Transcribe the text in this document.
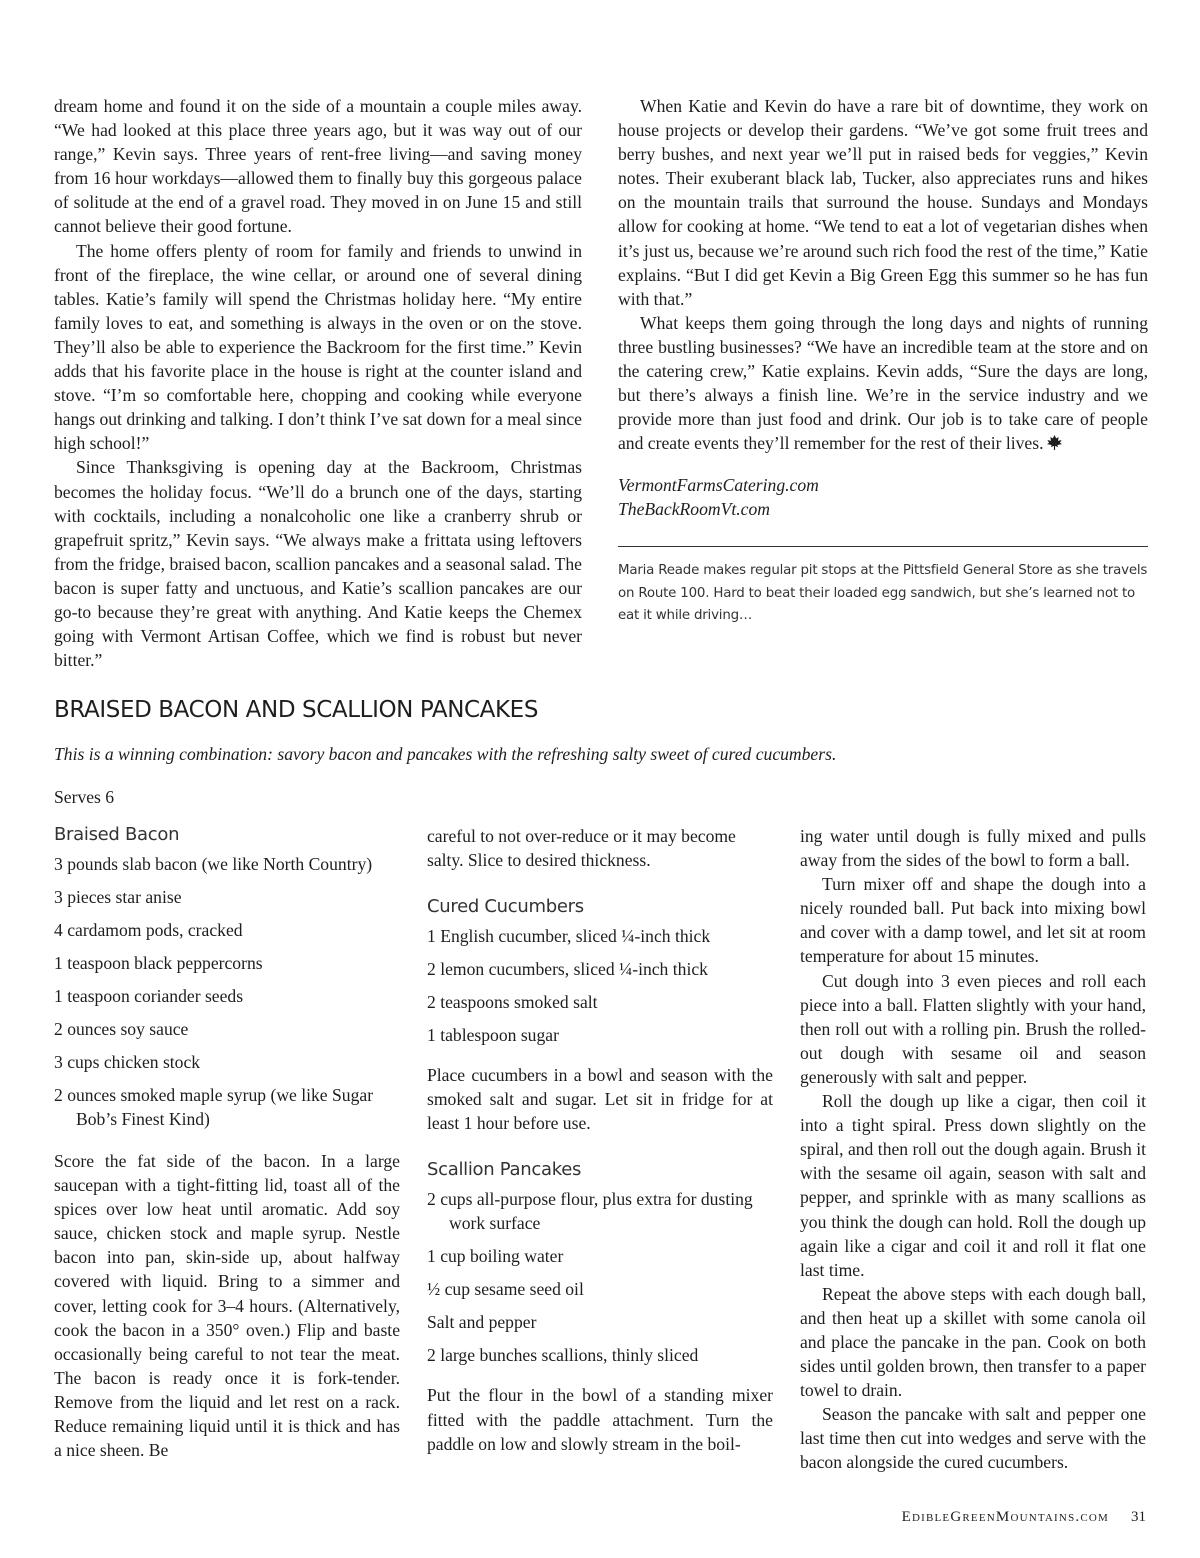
dream home and found it on the side of a mountain a couple miles away. “We had looked at this place three years ago, but it was way out of our range,” Kevin says. Three years of rent-free living—and saving money from 16 hour workdays—allowed them to finally buy this gorgeous palace of solitude at the end of a gravel road. They moved in on June 15 and still cannot believe their good fortune.

The home offers plenty of room for family and friends to unwind in front of the fireplace, the wine cellar, or around one of several dining tables. Katie’s family will spend the Christmas holiday here. “My entire family loves to eat, and something is always in the oven or on the stove. They’ll also be able to experience the Backroom for the first time.” Kevin adds that his favorite place in the house is right at the counter island and stove. “I’m so comfortable here, chopping and cooking while everyone hangs out drinking and talking. I don’t think I’ve sat down for a meal since high school!”

Since Thanksgiving is opening day at the Backroom, Christmas becomes the holiday focus. “We’ll do a brunch one of the days, starting with cocktails, including a nonalcoholic one like a cranberry shrub or grapefruit spritz,” Kevin says. “We always make a frittata using leftovers from the fridge, braised bacon, scallion pancakes and a seasonal salad. The bacon is super fatty and unctuous, and Katie’s scallion pancakes are our go-to because they’re great with anything. And Katie keeps the Chemex going with Vermont Artisan Coffee, which we find is robust but never bitter.”

When Katie and Kevin do have a rare bit of downtime, they work on house projects or develop their gardens. “We’ve got some fruit trees and berry bushes, and next year we’ll put in raised beds for veggies,” Kevin notes. Their exuberant black lab, Tucker, also appreciates runs and hikes on the mountain trails that surround the house. Sundays and Mondays allow for cooking at home. “We tend to eat a lot of vegetarian dishes when it’s just us, because we’re around such rich food the rest of the time,” Katie explains. “But I did get Kevin a Big Green Egg this summer so he has fun with that.”

What keeps them going through the long days and nights of running three bustling businesses? “We have an incredible team at the store and on the catering crew,” Katie explains. Kevin adds, “Sure the days are long, but there’s always a finish line. We’re in the service industry and we provide more than just food and drink. Our job is to take care of people and create events they’ll remember for the rest of their lives.

VermontFarmsCatering.com
TheBackRoomVt.com
Maria Reade makes regular pit stops at the Pittsfield General Store as she travels on Route 100. Hard to beat their loaded egg sandwich, but she’s learned not to eat it while driving…
BRAISED BACON AND SCALLION PANCAKES

This is a winning combination: savory bacon and pancakes with the refreshing salty sweet of cured cucumbers.

Serves 6

Braised Bacon

3 pounds slab bacon (we like North Country)

3 pieces star anise

4 cardamom pods, cracked

1 teaspoon black peppercorns

1 teaspoon coriander seeds

2 ounces soy sauce

3 cups chicken stock

2 ounces smoked maple syrup (we like Sugar Bob’s Finest Kind)

Score the fat side of the bacon. In a large saucepan with a tight-fitting lid, toast all of the spices over low heat until aromatic. Add soy sauce, chicken stock and maple syrup. Nestle bacon into pan, skin-side up, about halfway covered with liquid. Bring to a simmer and cover, letting cook for 3–4 hours. (Alternatively, cook the bacon in a 350° oven.) Flip and baste occasionally being careful to not tear the meat. The bacon is ready once it is fork-tender. Remove from the liquid and let rest on a rack. Reduce remaining liquid until it is thick and has a nice sheen. Be

careful to not over-reduce or it may become salty. Slice to desired thickness.

Cured Cucumbers

1 English cucumber, sliced ¼-inch thick

2 lemon cucumbers, sliced ¼-inch thick

2 teaspoons smoked salt

1 tablespoon sugar

Place cucumbers in a bowl and season with the smoked salt and sugar. Let sit in fridge for at least 1 hour before use.

Scallion Pancakes

2 cups all-purpose flour, plus extra for dusting work surface

1 cup boiling water

½ cup sesame seed oil

Salt and pepper

2 large bunches scallions, thinly sliced

Put the flour in the bowl of a standing mixer fitted with the paddle attachment. Turn the paddle on low and slowly stream in the boil-

ing water until dough is fully mixed and pulls away from the sides of the bowl to form a ball.

Turn mixer off and shape the dough into a nicely rounded ball. Put back into mixing bowl and cover with a damp towel, and let sit at room temperature for about 15 minutes.

Cut dough into 3 even pieces and roll each piece into a ball. Flatten slightly with your hand, then roll out with a rolling pin. Brush the rolled-out dough with sesame oil and season generously with salt and pepper.

Roll the dough up like a cigar, then coil it into a tight spiral. Press down slightly on the spiral, and then roll out the dough again. Brush it with the sesame oil again, season with salt and pepper, and sprinkle with as many scallions as you think the dough can hold. Roll the dough up again like a cigar and coil it and roll it flat one last time.

Repeat the above steps with each dough ball, and then heat up a skillet with some canola oil and place the pancake in the pan. Cook on both sides until golden brown, then transfer to a paper towel to drain.

Season the pancake with salt and pepper one last time then cut into wedges and serve with the bacon alongside the cured cucumbers.

EdibleGreenMountains.com 31
